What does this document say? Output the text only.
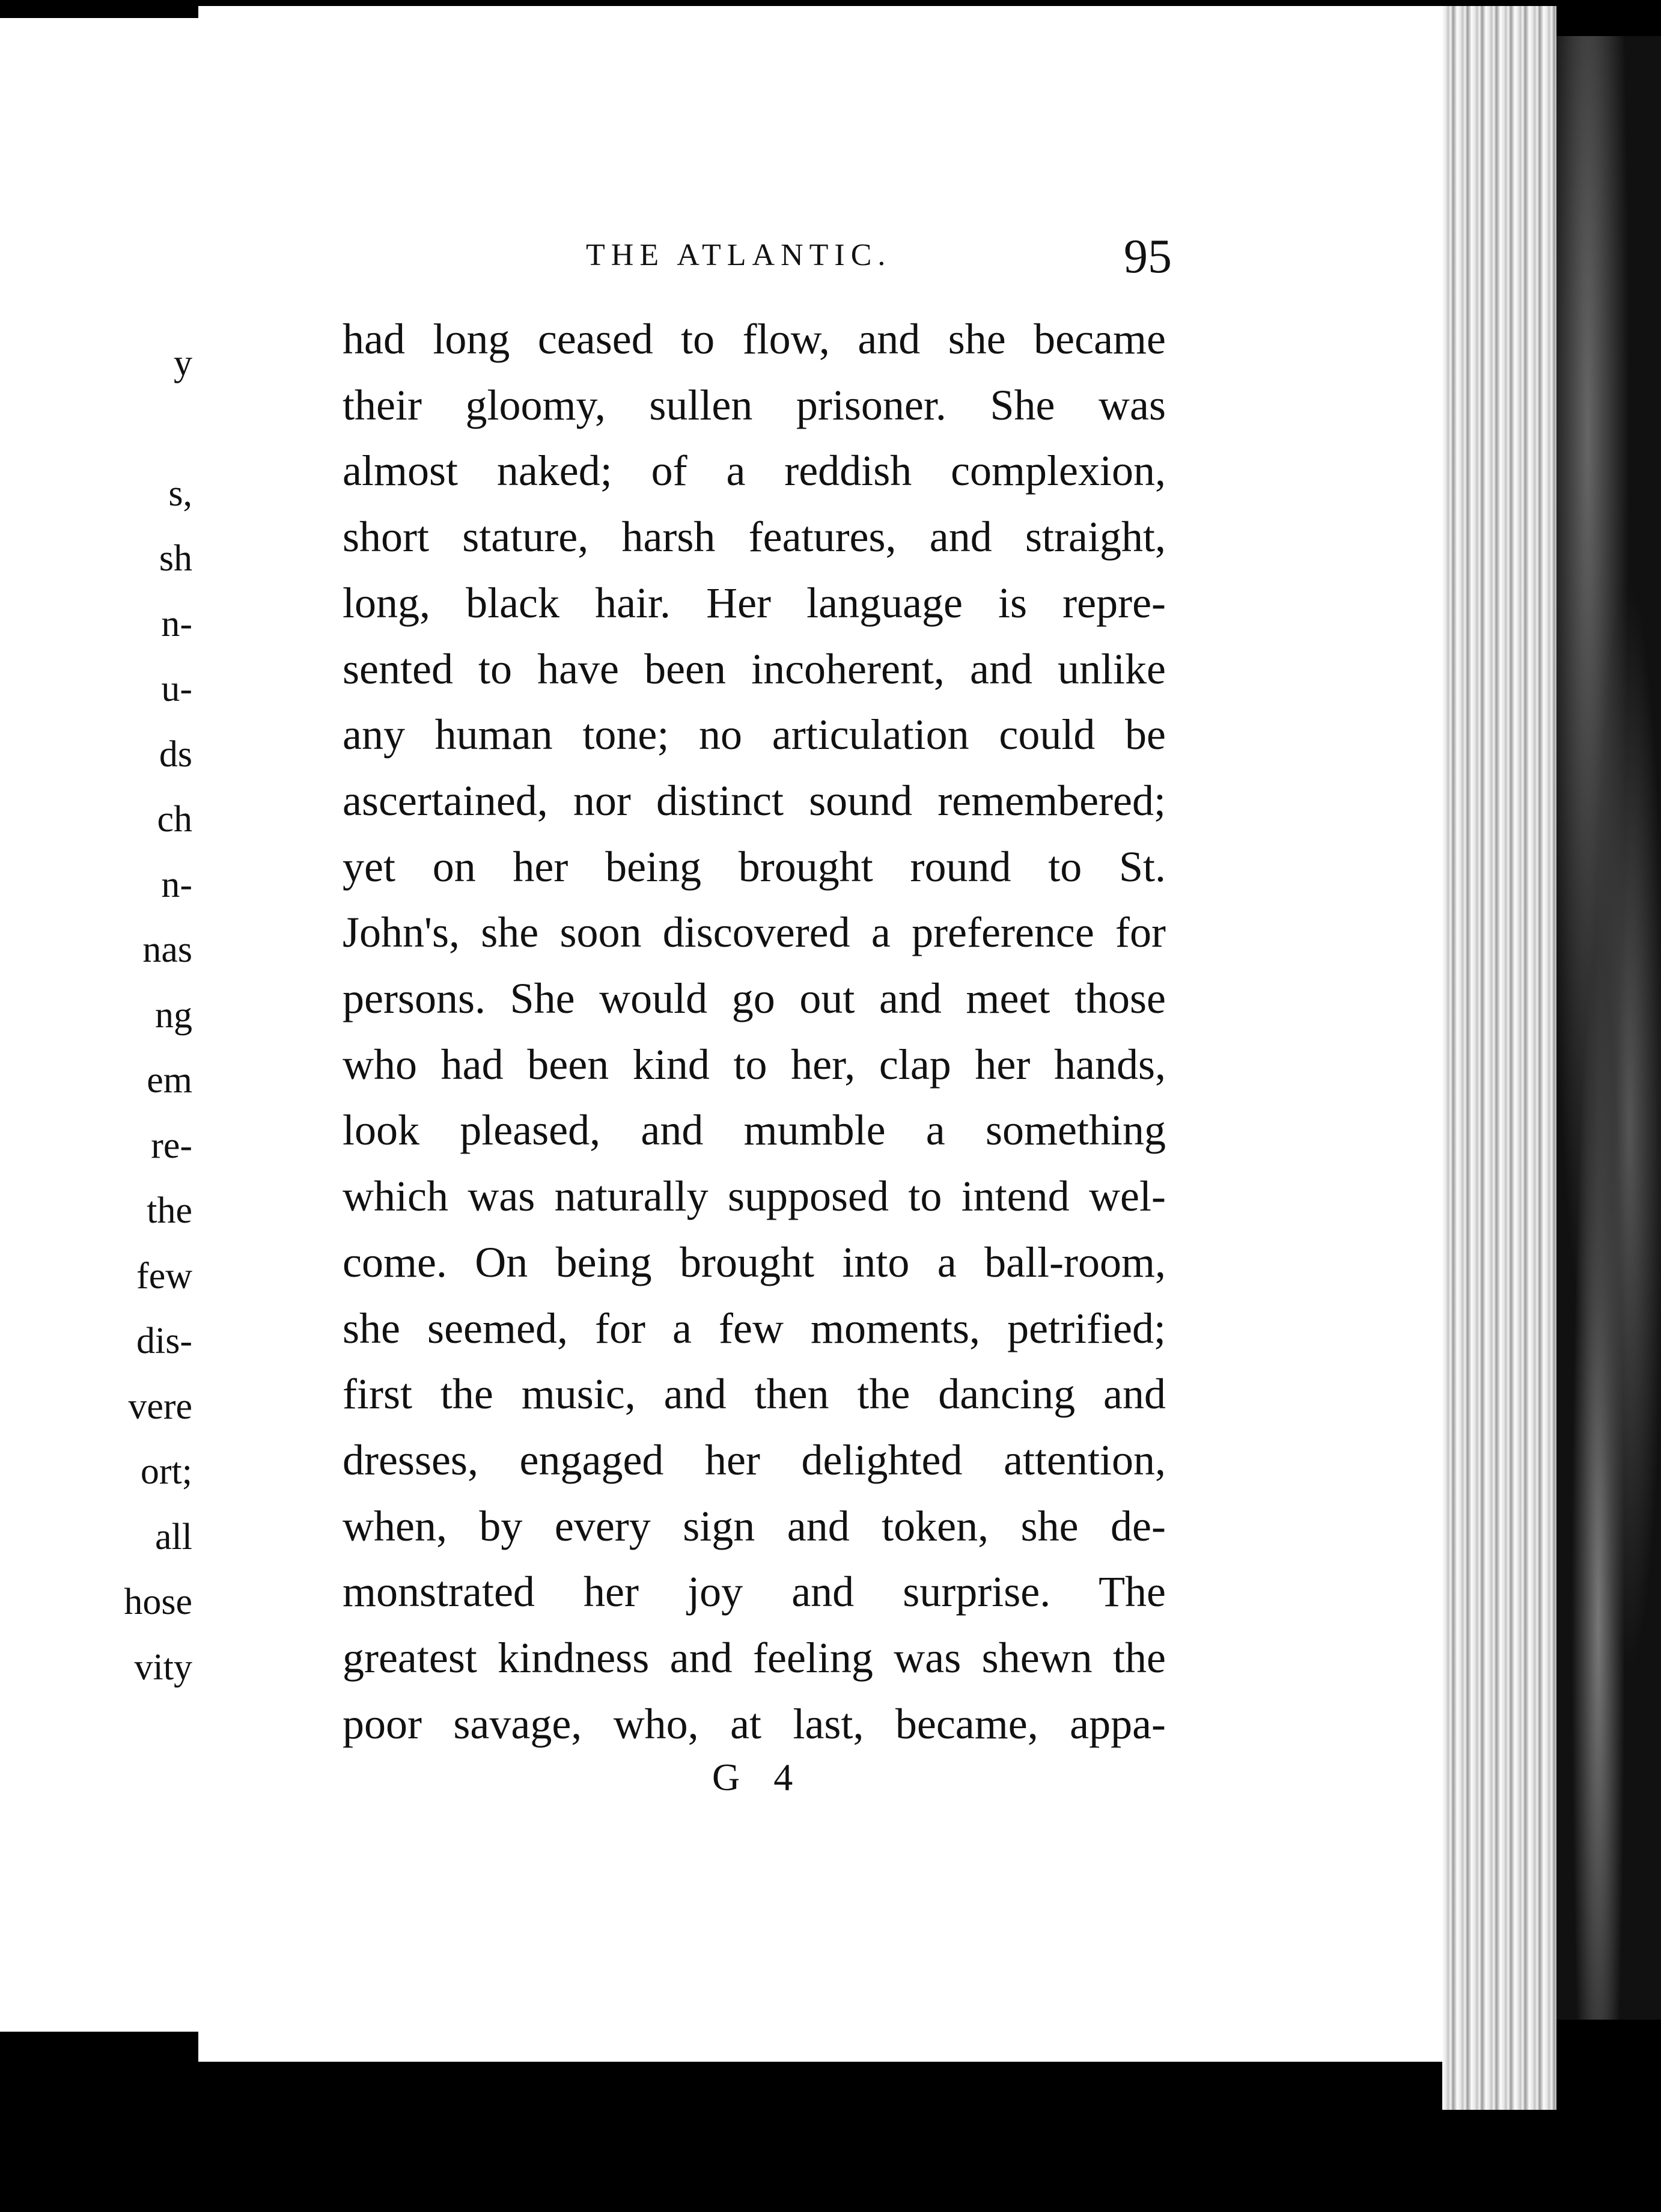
y
s,
sh
n-
u-
ds
ch
n-
nas
ng
em
re-
the
few
dis-
vere
ort;
all
hose
vity
THE ATLANTIC.	95
had long ceased to flow, and she became
their gloomy, sullen prisoner. She was
almost naked; of a reddish complexion,
short stature, harsh features, and straight,
long, black hair. Her language is repre-
sented to have been incoherent, and unlike
any human tone; no articulation could be
ascertained, nor distinct sound remembered;
yet on her being brought round to St.
John's, she soon discovered a preference for
persons. She would go out and meet those
who had been kind to her, clap her hands,
look pleased, and mumble a something
which was naturally supposed to intend wel-
come. On being brought into a ball-room,
she seemed, for a few moments, petrified;
first the music, and then the dancing and
dresses, engaged her delighted attention,
when, by every sign and token, she de-
monstrated her joy and surprise. The
greatest kindness and feeling was shewn the
poor savage, who, at last, became, appa-
G 4
